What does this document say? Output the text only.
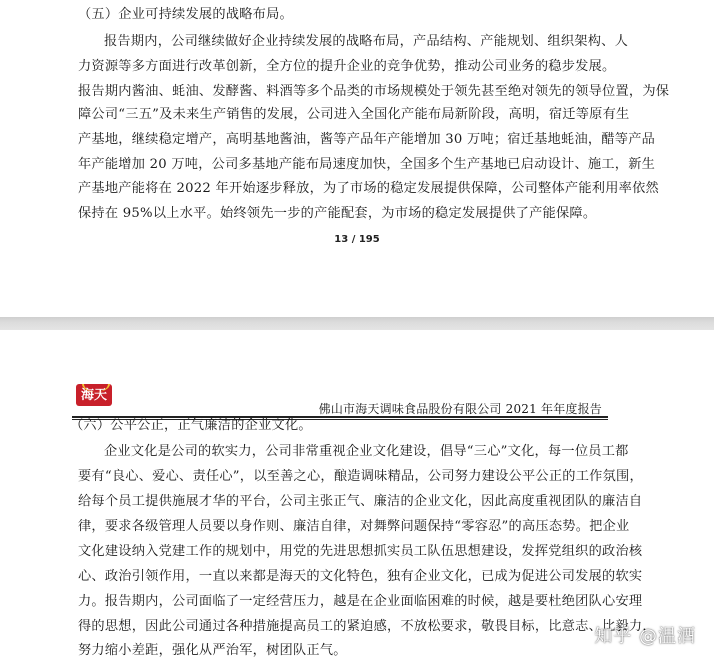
（五）企业可持续发展的战略布局。
报告期内，公司继续做好企业持续发展的战略布局，产品结构、产能规划、组织架构、人
力资源等多方面进行改革创新，全方位的提升企业的竞争优势，推动公司业务的稳步发展。
报告期内酱油、蚝油、发酵酱、料酒等多个品类的市场规模处于领先甚至绝对领先的领导位置，为保
障公司“三五”及未来生产销售的发展，公司进入全国化产能布局新阶段，高明，宿迁等原有生
产基地，继续稳定增产，高明基地酱油，酱等产品年产能增加 30 万吨；宿迁基地蚝油，醋等产品
年产能增加 20 万吨，公司多基地产能布局速度加快，全国多个生产基地已启动设计、施工，新生
产基地产能将在 2022 年开始逐步释放，为了市场的稳定发展提供保障，公司整体产能利用率依然
保持在 95%以上水平。始终领先一步的产能配套，为市场的稳定发展提供了产能保障。
13 / 195
海天
佛山市海天调味食品股份有限公司 2021 年年度报告
（六）公平公正，正气廉洁的企业文化。
企业文化是公司的软实力，公司非常重视企业文化建设，倡导“三心”文化，每一位员工都
要有“良心、爱心、责任心”，以至善之心，酿造调味精品，公司努力建设公平公正的工作氛围，
给每个员工提供施展才华的平台，公司主张正气、廉洁的企业文化，因此高度重视团队的廉洁自
律，要求各级管理人员要以身作则、廉洁自律，对舞弊问题保持“零容忍”的高压态势。把企业
文化建设纳入党建工作的规划中，用党的先进思想抓实员工队伍思想建设，发挥党组织的政治核
心、政治引领作用，一直以来都是海天的文化特色，独有企业文化，已成为促进公司发展的软实
力。报告期内，公司面临了一定经营压力，越是在企业面临困难的时候，越是要杜绝团队心安理
得的思想，因此公司通过各种措施提高员工的紧迫感，不放松要求，敬畏目标，比意志、比毅力，
努力缩小差距，强化从严治军，树团队正气。
知乎 @温酒
